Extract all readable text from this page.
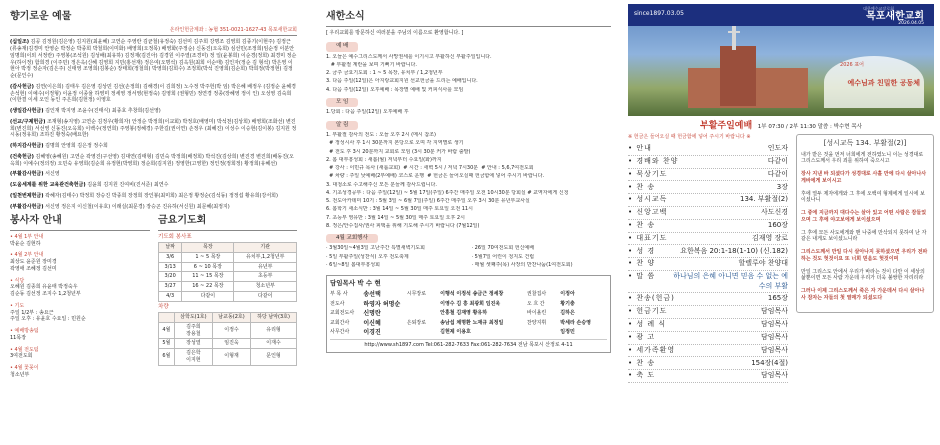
향기로운 예물
온라인헌금계좌 : 농협 351-0021-1627-43 목포새한교회

(십일조) 김공 김정원(김은영) 김지원(최윤혜) 고연순 주영란 김균철(유정숙) 김선미 김주희 강명조 김영희 김종기(이현주) 김정근(류송재)김경미 안영순 박정순 박종희 박철희(이미화) 배영희(오정목) 배영화(주정순) 신동진(오옥희) 심선민(조정희)임순정 이분안 임명희(이외 서정란) 주영봉(조석원) 김성배(최유하) 김정재(김진아) 김경원 이주열(조경미) 정 일(윤봉희) 이순경(정희) 최경미 정순우(하이정) 함희경 (이주민) 정은옥(신혜 김영희 지민(홍선재) 정은여(오명석) 김옥원(최희 이순태) 김인자(정순 김 형석) 박은영 이현아 박정 정순자(김은주) 신태영 조영희(김봉순) 장태희(정철희) 박영희(김희수) 조정희(박석 진영희(김순희) 박희정(박정현) 김정순(문인수)

(감사헌금) 김연(이은희) 김태우 김은영 김상민 김선(손정희) 김해경(이 김희정) 노수정 박주헌(박 임) 박은혜 배정우 (김정순 윤혜경 손석현) 이예수(이정형) 이윤정 이종율 하영미 정세영 정서영(현정숙) 김영희 (권형민) 정연경 정종(장혜영 정이 인) 오성영 김숙희(이한결 이세 오인 동인 주은희(김헌정) 이영호

(생일감사헌금) 김인재 박지영 조윤수(진태식) 최종호 추창희(김선영)

(선교/구제헌금) 조재형(송지영) 고연순 김정우(황희자) 안정순 박정희(이교회) 박정호(배영미) 박석천(김상희) 배영희(조화선) 변진희(변진희) 서선영 신동진(오옥희) 이백수(정연희) 주영봉(정혜경) 주한길(권이연) 손정우 (최혜진) 이성수 이승현(김이봉) 김지원 정시동(정유희) 조하진 황정숙(배요한)

(하지감사헌금) 김명희 안영희 김은정 정수희

(건축헌금) 김혜영(송혜원) 고연순 곽영진(구선영) 김대연(김태형) 김민숙 박정희(배정희) 박석진(김상희) 변진경 변진희(배동진(오옥희) 이예수(정의정) 오민숙 유영희(김순희 유정현(박영희) 정순희(김지원) 정영한(고영한) 정인정(정희정) 황정희(유혜선)

(부활감사헌금) 서신영

(도움세계를 위한 교육관건축헌금) 김윤희 김지원 진여비(진서준) 최연수

(일천번제헌금) 곽혜자(김태수) 박정희 장승진 박종희 장정희 장인봉(최미희) 최은정 황정순(김석동) 정정섭 황유희(강서희)

(부활감사헌금) 서신영 정은지 이신철(이유호) 이래실(최문경) 장승곤 진유하(서신원) 최문혜(최정지)

봉사자 안내
• 4월 1부 안내
박윤순 김현하
• 4월 2부 안내
최상도 윤준원 장미경
곽영애 조혜정 김선미
• 식당
오혜원 김종희 유윤태 박정숙우
김순동 김선정 조지수 1,2청년부
• 기도
주일 1/2부 : 송요근
주일 오후 : 유윤호 수요일 : 민원순
• 예배방송팀
11목장
• 4월 전도팀
3여전도회
• 4월 꽃꽂이
청소년부
금요기도회
기도회 봉사표
날짜	목장	기관
3/6	1 ~ 5 목장	유치부,1,2청년부
3/13	6 ~ 10 목장	유년부
3/20	11 ~ 15 목장	초등부
3/27	16 ~ 22 목장	청소년부
4/3	다같이	다같이
차량
	삼학도(1호)	남교동(2호)	하당 남악(3호)
4월	김주희
장용철	이정수	유리형
5월	장성열	임진욱	이재수
6월	김은학
이지현	이형재	문인형
새한소식
[ 우리교회를 방문하신 여러분을 주님의 이름으로 환영합니다. ]
예 배
1. 오늘은 예수그리스도께서 사망권세를 이기시고 부활하신 부활주일입니다.
# 부활절 계란을 보며 기뻐기 바랍니다.
2. 금주 금요기도회 : 1 ~ 5 목장, 유치부 / 1,2청년부
3. 다음 주일(12일)은 아지랑교회지원 선교헌금을 드리는 예배입니다.
4. 다음 주일(12일) 오후예배 : 목장별 예배 및 커피식사를 모임
모 임
1.당회 : 다음 주일(12일) 오후예배 후
알 림
1. 부활절 감사의 전도 : 오늘 오후 2시 (메시 참조)
# 정성시사 후 1시 30분까지 본당으로 오며 각 지역별로 생기
# 전도 후 3시 20분까지 교회로 모임 (3시 30분 커가 바람 출발)
2. 봄 대부흥성회 : 새봄(월) 저녁부터 수요일(화)까지
# 강사 : 이민규 목사 (새롭교회)  # 시간 : 새벽 5시 / 저녁 7시30분  # 안내 : 5,6,7여전도회
# 차량 : 주일 낮예배(2부예배) 코스로 운행  # 헌금은 들어오실때 헌금함에 넣어 주시기 바랍니다.
3. 대청소로 수고해주신 모든 분들께 감사드립니다.
4. 기초성경공부 : 다음 주일(12일) ~ 5월 17일(주일) 6주간 매주일 오전 10시30분 당회실 # 교역자에게 신청
5. 전도아카데미 10기 : 5월 3일 ~ 6월 7일(주일) 6주간 매주일 오후 3시 30분 유년부교사실
6. 봄학기 새소식반 : 3월 14일 ~ 5월 30일 매주 토요일 오전 11시
7. 초등부 영유반 : 3월 14일 ~ 5월 30일 매주 토요일 오후 2시
8. 정은/안수집사/권사 피택을 위해 기도해 주시기 바랍니다 (7월12일)
4월 교회행사
· 3월30일~4월3일 고난주간 특별새벽기도회
· 5일 부활주일(성찬식) 오후 전도축제
· 6일~8일 봄대부흥성회
· 26일 70여전도회 헌신예배
· 5월7일 어린이 청지도 건립
· 매월 셋째주(목) 사장의 반찬나눔(1여전도회)
담임목사 박 수 현
부 목 사	송선택	시무장로	이행석 이정석 송금근 정세창	권찰집사	이정아
전도사	하영자 허명순	이영수 김 흥 최광희 임진욱	오 흐 간	황기충
교회전도사	신명란	안홍철 김재영 황유하	바이올린	김하은
교회간사	이신혜	은퇴장로	송남섭 채명환 노재규 최정일	찬양지휘	박세라 손승영
사무간사	이경진	김현제 이용호	임정민
http://www.sh1897.com Tel:061-282-7633 Fax:061-282-7634 전남 목포시 산정로 4-11
since1897.03.05
대한예수교장로회
목포새한교회
2026.04.05
2026 표어
예수님과 친밀한 공동체
부활주일예배 1부 07:30 / 2부 11:30 말씀 : 박수현 목사
※ 헌금은 들어오실 때 헌금함에 넣어 주시기 바랍니다 ※
• 안내	인도자
• 경배와 찬양	다같이
• 묵상기도	다같이
• 찬 송	3장
• 성시교독	134. 부활절(2)
• 신앙고백	사도신경
• 찬 송	160장
• 대표기도	김재영 장로
• 성 경	요한복음 20:1-18(1-10) (신.182)
• 찬 양	할렐루야 찬양대
• 말 씀	하나님의 은혜 아니면 믿음 수 없는 예수의 부활
• 찬송(헌금)	165장
• 헌금기도	담임목사
• 성 례 식	담임목사
• 광 고	담임목사
• 세가족환영	담임목사
• 찬 송	154장(4절)
• 축 도	담임목사
[성시교독 134. 부활절(2)]

내가 받은 것을 먼저 너희에게 전하였노니 이는 성경대로 그리스도께서 우리 죄를 위하여 죽으시고

장사 지낸 바 되셨다가 성경대로 사흘 만에 다시 살아나사 게바에게 보이시고

후에 열두 제자에게와 그 후에 오백여 형제에게 일시에 보이셨나니

그 중에 지금까지 대다수는 살아 있고 어떤 사람은 잠들었으며 그 후에 야고보에게 보이셨으며

그 후에 모든 사도에게와 맨 나중에 만삭되지 못하여 난 자 같은 내게도 보이셨느니라

그리스도께서 만일 다시 살아나지 못하셨으면 우리가 전파하는 것도 헛것이요 또 너희 믿음도 헛것이며

만일 그리스도 안에서 우리가 바라는 것이 다만 이 세상의 삶뿐이면 모든 사람 가운데 우리가 더욱 불쌍한 자리리라

그러나 이제 그리스도께서 죽은 자 가운데서 다시 살아나사 잠자는 자들의 첫 열매가 되셨도다
